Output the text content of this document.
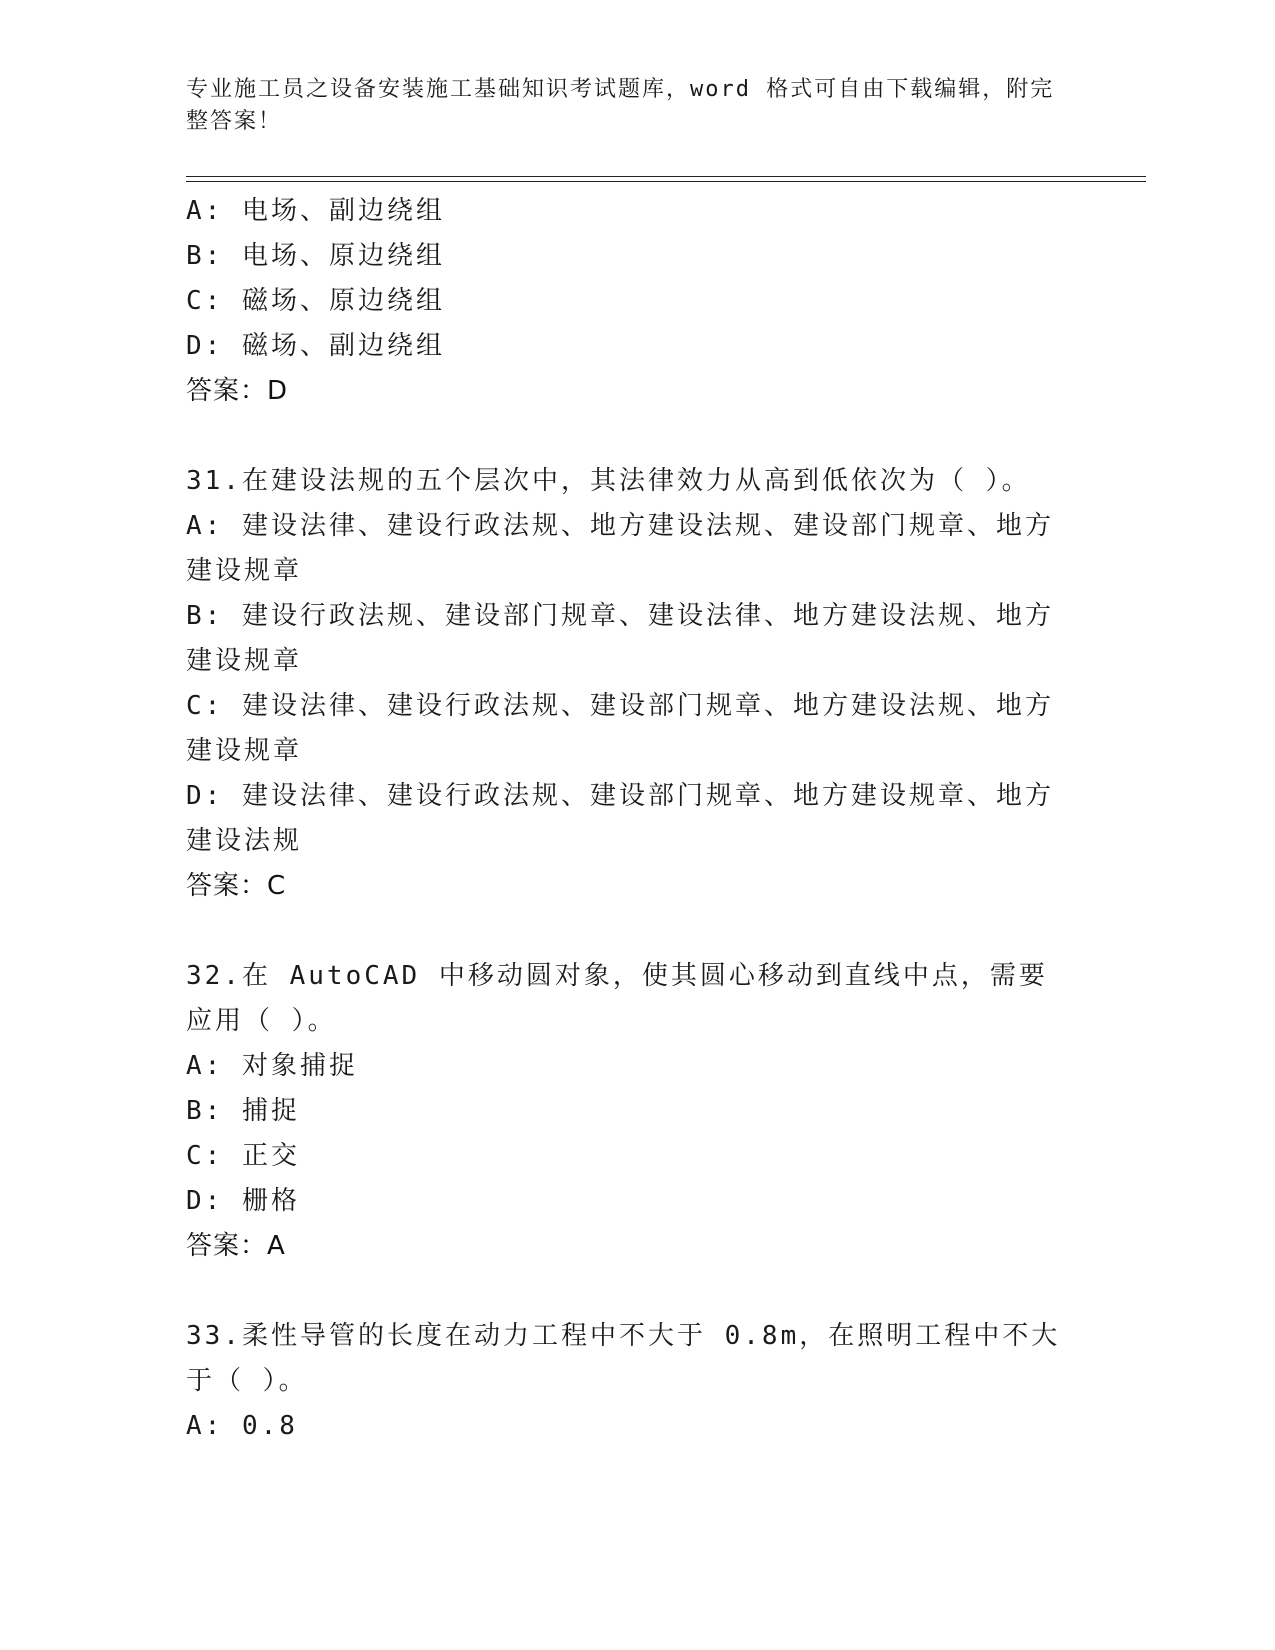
专业施工员之设备安装施工基础知识考试题库，word 格式可自由下载编辑，附完整答案！
A: 电场、副边绕组
B: 电场、原边绕组
C: 磁场、原边绕组
D: 磁场、副边绕组
答案：D
31.在建设法规的五个层次中，其法律效力从高到低依次为（ ）。
A: 建设法律、建设行政法规、地方建设法规、建设部门规章、地方建设规章
B: 建设行政法规、建设部门规章、建设法律、地方建设法规、地方建设规章
C: 建设法律、建设行政法规、建设部门规章、地方建设法规、地方建设规章
D: 建设法律、建设行政法规、建设部门规章、地方建设规章、地方建设法规
答案：C
32.在 AutoCAD 中移动圆对象，使其圆心移动到直线中点，需要应用（ ）。
A: 对象捕捉
B: 捕捉
C: 正交
D: 栅格
答案：A
33.柔性导管的长度在动力工程中不大于 0.8m，在照明工程中不大于（ ）。
A: 0.8
